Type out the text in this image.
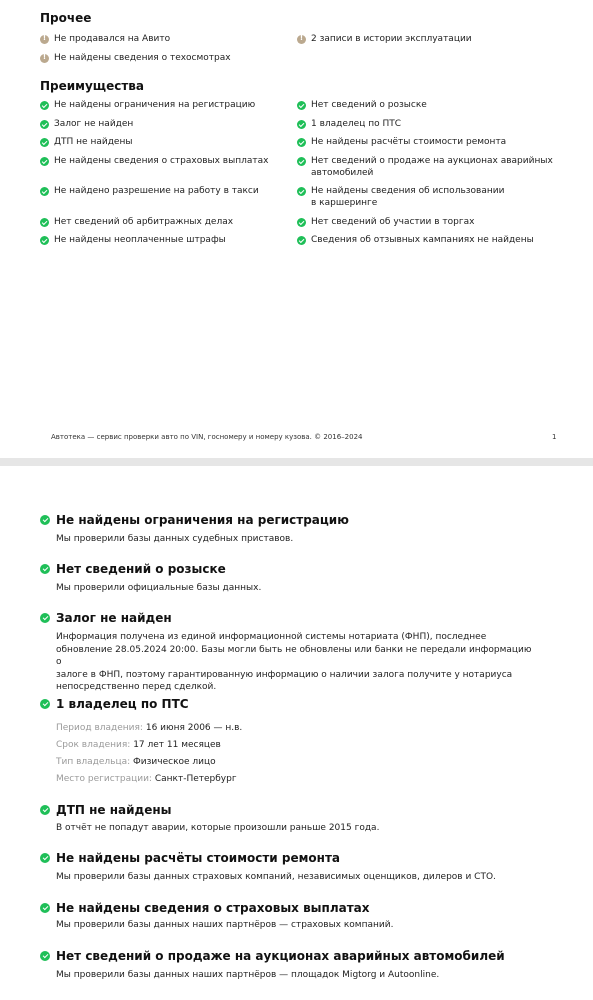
Прочее
!
Не продавался на Авито
!	2 записи в истории эксплуатации
!
Не найдены сведения о техосмотрах
Преимущества
Не найдены ограничения на регистрацию	Нет сведений о розыске
Залог не найден	1 владелец по ПТС
ДТП не найдены	Не найдены расчёты стоимости ремонта
Не найдены сведения о страховых выплатах	Нет сведений о продаже на аукционах аварийных
автомобилей
Не найдено разрешение на работу в такси	Не найдены сведения об использовании
в каршеринге
Нет сведений об арбитражных делах	Нет сведений об участии в торгах
Не найдены неоплаченные штрафы	Сведения об отзывных кампаниях не найдены
Автотека — сервис проверки авто по VIN, госномеру и номеру кузова. © 2016–2024	1
Не найдены ограничения на регистрацию
Мы проверили базы данных судебных приставов.
Нет сведений о розыске
Мы проверили официальные базы данных.
Залог не найден
Информация получена из единой информационной системы нотариата (ФНП), последнее
обновление 28.05.2024 20:00. Базы могли быть не обновлены или банки не передали информацию о
залоге в ФНП, поэтому гарантированную информацию о наличии залога получите у нотариуса
непосредственно перед сделкой.
1 владелец по ПТС
Период владения: 16 июня 2006 — н.в.
Срок владения: 17 лет 11 месяцев
Тип владельца: Физическое лицо
Место регистрации: Санкт-Петербург
ДТП не найдены
В отчёт не попадут аварии, которые произошли раньше 2015 года.
Не найдены расчёты стоимости ремонта
Мы проверили базы данных страховых компаний, независимых оценщиков, дилеров и СТО.
Не найдены сведения о страховых выплатах
Мы проверили базы данных наших партнёров — страховых компаний.
Нет сведений о продаже на аукционах аварийных автомобилей
Мы проверили базы данных наших партнёров — площадок Migtorg и Autoonline.
